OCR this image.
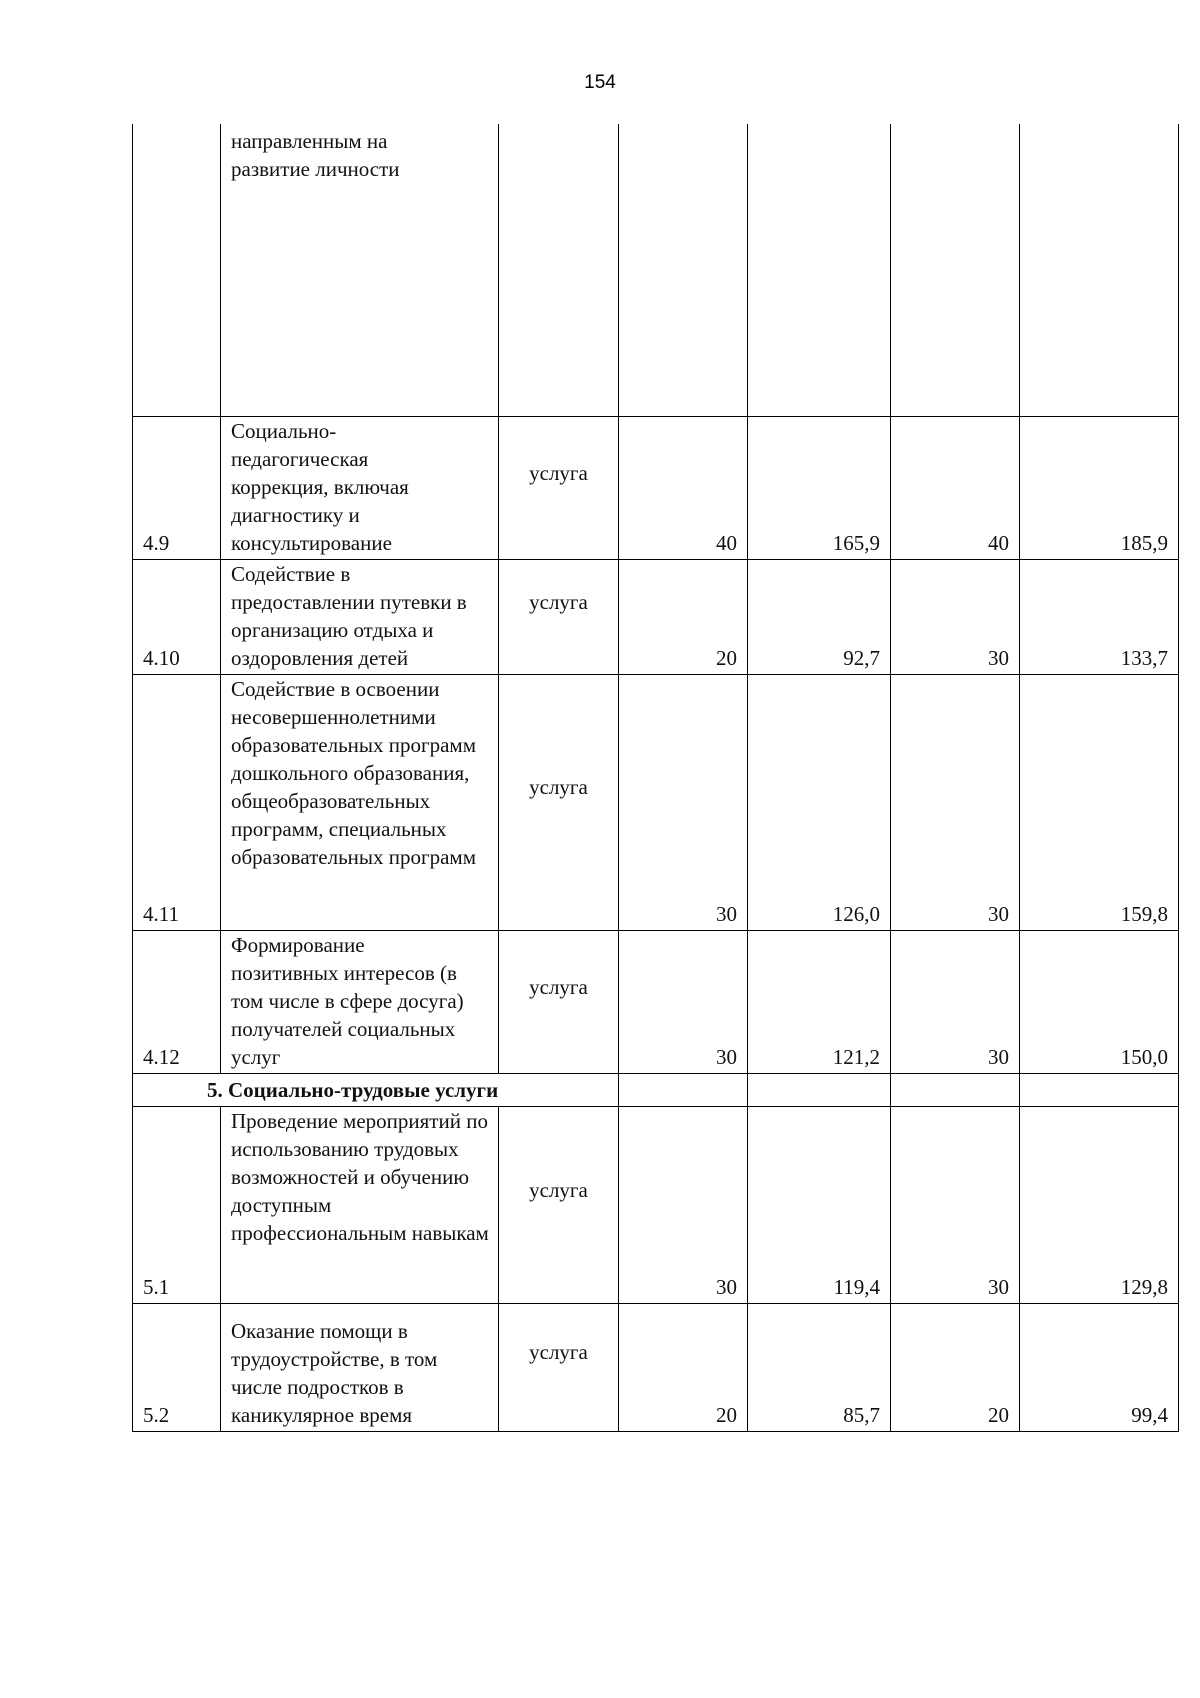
154

	направленным на развитие личности					

4.9	Социально-педагогическая коррекция, включая диагностику и консультирование	услуга	40	165,9	40	185,9
4.10	Содействие в предоставлении путевки в организацию отдыха и оздоровления детей	услуга	20	92,7	30	133,7
4.11	Содействие в освоении несовершеннолетними образовательных программ дошкольного образования, общеобразовательных программ, специальных образовательных программ	услуга	30	126,0	30	159,8
4.12	Формирование позитивных интересов (в том числе в сфере досуга) получателей социальных услуг	услуга	30	121,2	30	150,0
5. Социально-трудовые услуги						
5.1	Проведение мероприятий по использованию трудовых возможностей и обучению доступным профессиональным навыкам	услуга	30	119,4	30	129,8
5.2	Оказание помощи в трудоустройстве, в том числе подростков в каникулярное время	услуга	20	85,7	20	99,4
